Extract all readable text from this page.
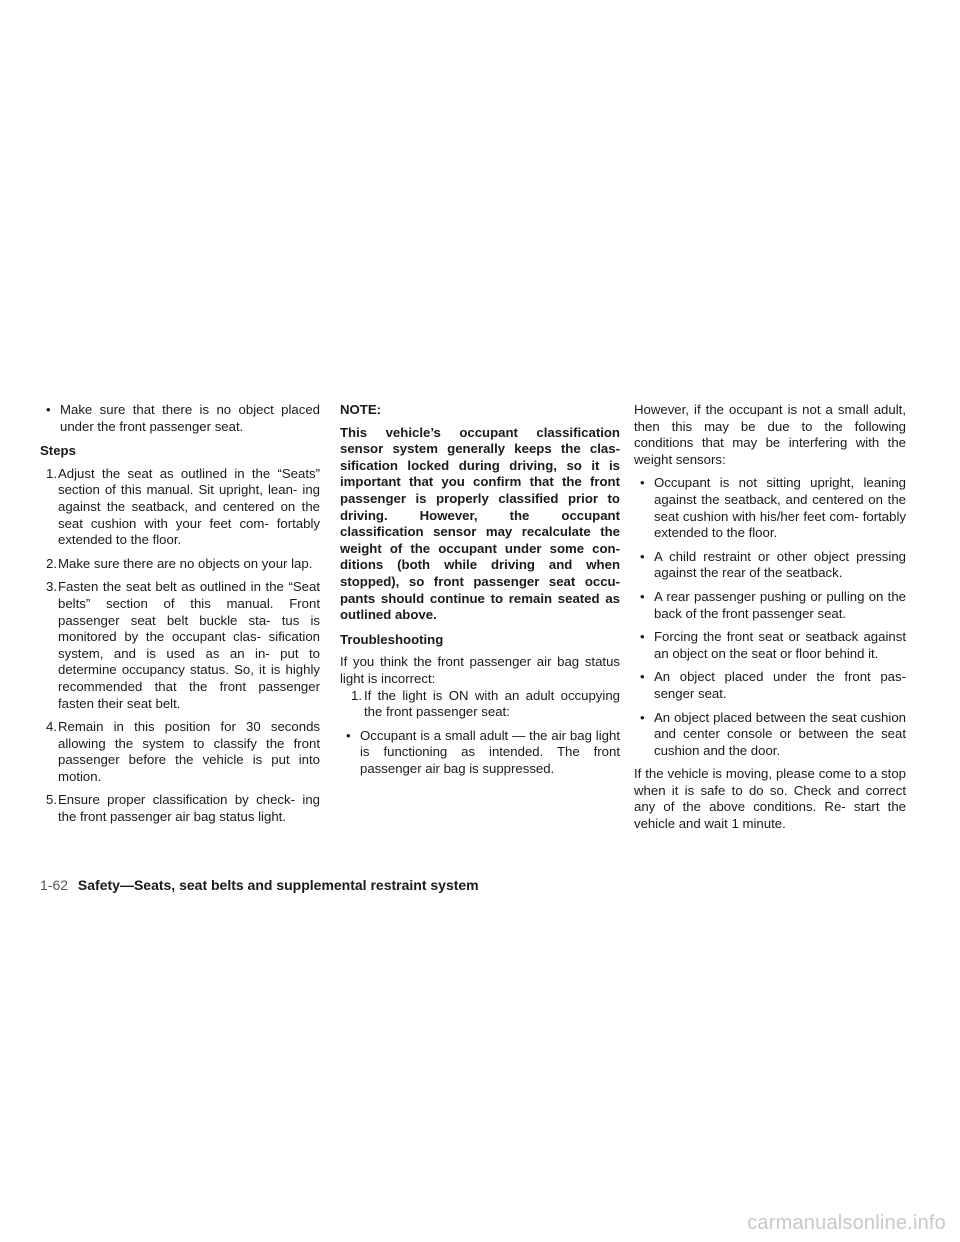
• Make sure that there is no object placed under the front passenger seat.

Steps

1. Adjust the seat as outlined in the “Seats” section of this manual. Sit upright, lean- ing against the seatback, and centered on the seat cushion with your feet com- fortably extended to the floor.
2. Make sure there are no objects on your lap.
3. Fasten the seat belt as outlined in the “Seat belts” section of this manual. Front passenger seat belt buckle sta- tus is monitored by the occupant clas- sification system, and is used as an in- put to determine occupancy status. So, it is highly recommended that the front passenger fasten their seat belt.
4. Remain in this position for 30 seconds allowing the system to classify the front passenger before the vehicle is put into motion.
5. Ensure proper classification by check- ing the front passenger air bag status light.

NOTE:

This vehicle’s occupant classification sensor system generally keeps the clas- sification locked during driving, so it is important that you confirm that the front passenger is properly classified prior to driving. However, the occupant classification sensor may recalculate the weight of the occupant under some con- ditions (both while driving and when stopped), so front passenger seat occu- pants should continue to remain seated as outlined above.

Troubleshooting

If you think the front passenger air bag status light is incorrect:

1. If the light is ON with an adult occupying the front passenger seat:
• Occupant is a small adult — the air bag light is functioning as intended. The front passenger air bag is suppressed.

However, if the occupant is not a small adult, then this may be due to the following conditions that may be interfering with the weight sensors:

• Occupant is not sitting upright, leaning against the seatback, and centered on the seat cushion with his/her feet com- fortably extended to the floor.
• A child restraint or other object pressing against the rear of the seatback.
• A rear passenger pushing or pulling on the back of the front passenger seat.
• Forcing the front seat or seatback against an object on the seat or floor behind it.
• An object placed under the front pas- senger seat.
• An object placed between the seat cushion and center console or between the seat cushion and the door.

If the vehicle is moving, please come to a stop when it is safe to do so. Check and correct any of the above conditions. Re- start the vehicle and wait 1 minute.

1-62 Safety—Seats, seat belts and supplemental restraint system
carmanualsonline.info
